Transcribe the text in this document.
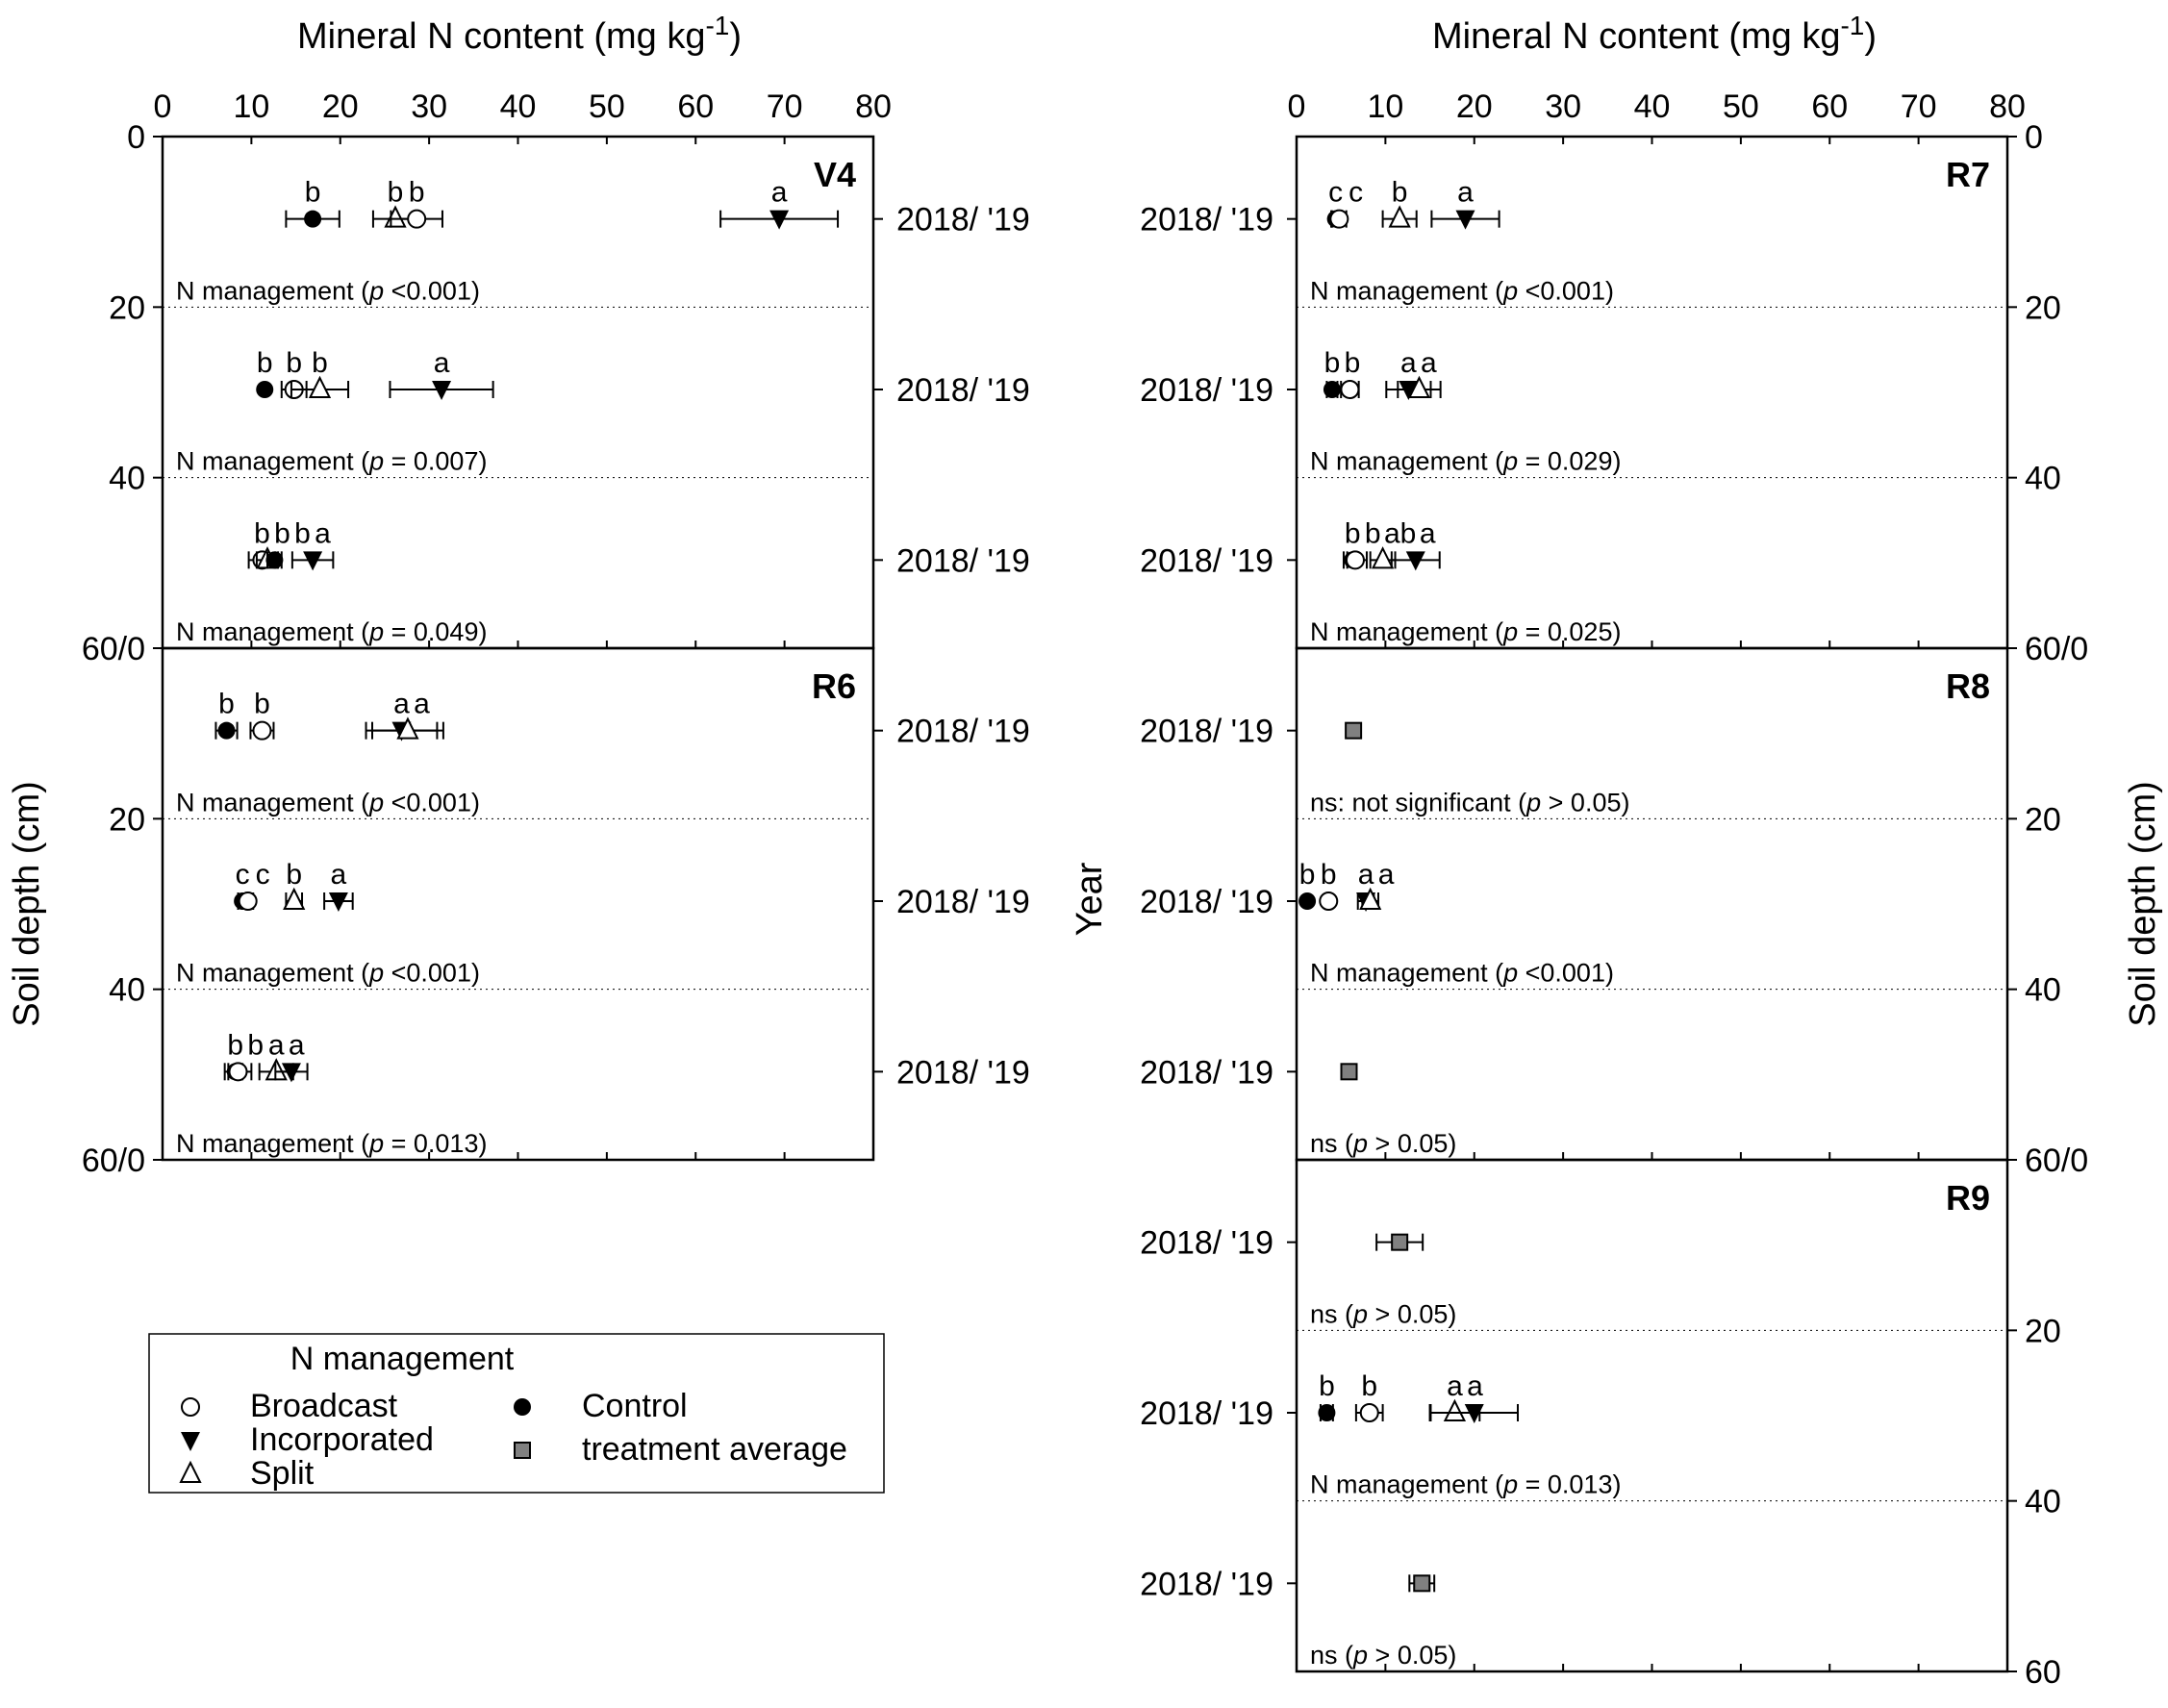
Mineral N content (mg $kg^{-1}$)	Mineral N content (mg $kg^{-1}$)
Soil depth (cm)	Year	Soil depth (cm)
0 10 20 30 40 50 60 70 80	0 10 20 30 40 50 60 70 80
V4
0
20
40
60/0
2018/ '19
N management (p <0.001)
b b b	a
2018/ '19
N management (p = 0.007)
b b b	a
2018/ '19
N management (p = 0.049)
b b b a
R6
20
40
60/0
2018/ '19
N management (p <0.001)
b b	a a
2018/ '19
N management (p <0.001)
c c b a
2018/ '19
N management (p = 0.013)
b b a a
R7
0
20
40
60/0
2018/ '19
N management (p <0.001)
c c b a
2018/ '19
N management (p = 0.029)
b b a a
2018/ '19
N management (p = 0.025)
b b ab a
R8
20
40
60/0
2018/ '19
ns: not significant (p > 0.05)
2018/ '19
N management (p <0.001)
b b a a
2018/ '19
ns (p > 0.05)
R9
20
40
60
2018/ '19
ns (p > 0.05)
2018/ '19
N management (p = 0.013)
b b a a
2018/ '19
ns (p > 0.05)
N management
Broadcast
Incorporated
Split
Control
treatment average
